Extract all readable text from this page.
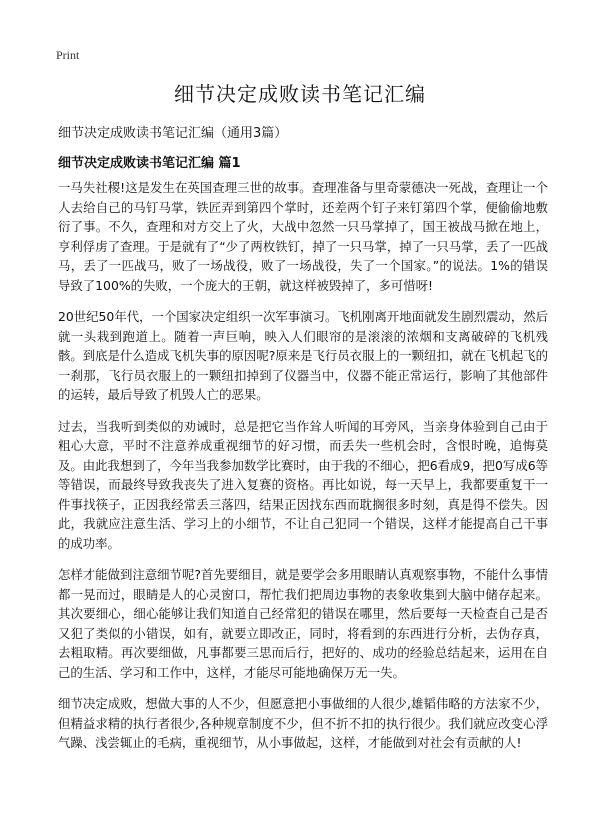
Print
细节决定成败读书笔记汇编
细节决定成败读书笔记汇编（通用3篇）
细节决定成败读书笔记汇编 篇1

一马失社稷!这是发生在英国查理三世的故事。查理准备与里奇蒙德决一死战，查理让一个人去给自己的马钉马掌，铁匠弄到第四个掌时，还差两个钉子来钉第四个掌，便偷偷地敷衍了事。不久，查理和对方交上了火，大战中忽然一只马掌掉了，国王被战马掀在地上，亨利俘虏了查理。于是就有了“少了两枚铁钉，掉了一只马掌，掉了一只马掌，丢了一匹战马，丢了一匹战马，败了一场战役，败了一场战役，失了一个国家。”的说法。1%的错误导致了100%的失败，一个庞大的王朝，就这样被毁掉了，多可惜呀!

20世纪50年代，一个国家决定组织一次军事演习。飞机刚离开地面就发生剧烈震动，然后就一头栽到跑道上。随着一声巨响，映入人们眼帘的是滚滚的浓烟和支离破碎的飞机残骸。到底是什么造成飞机失事的原因呢?原来是飞行员衣服上的一颗纽扣，就在飞机起飞的一刹那，飞行员衣服上的一颗纽扣掉到了仪器当中，仪器不能正常运行，影响了其他部件的运转，最后导致了机毁人亡的恶果。

过去，当我听到类似的劝诫时，总是把它当作耸人听闻的耳旁风，当亲身体验到自己由于粗心大意，平时不注意养成重视细节的好习惯，而丢失一些机会时，含恨时晚，追悔莫及。由此我想到了，今年当我参加数学比赛时，由于我的不细心，把6看成9，把0写成6等等错误，而最终导致我丧失了进入复赛的资格。再比如说，每一天早上，我都要重复干一件事找筷子，正因我经常丢三落四，结果正因找东西而耽搁很多时刻，真是得不偿失。因此，我就应注意生活、学习上的小细节，不让自己犯同一个错误，这样才能提高自己干事的成功率。

怎样才能做到注意细节呢?首先要细目，就是要学会多用眼睛认真观察事物，不能什么事情都一晃而过，眼睛是人的心灵窗口，帮忙我们把周边事物的表象收集到大脑中储存起来。其次要细心，细心能够让我们知道自己经常犯的错误在哪里，然后要每一天检查自己是否又犯了类似的小错误，如有，就要立即改正，同时，将看到的东西进行分析，去伪存真，去粗取精。再次要细做，凡事都要三思而后行，把好的、成功的经验总结起来，运用在自己的生活、学习和工作中，这样，才能尽可能地确保万无一失。

细节决定成败，想做大事的人不少，但愿意把小事做细的人很少,雄韬伟略的方法家不少，但精益求精的执行者很少,各种规章制度不少，但不折不扣的执行很少。我们就应改变心浮气躁、浅尝辄止的毛病，重视细节，从小事做起，这样，才能做到对社会有贡献的人!
